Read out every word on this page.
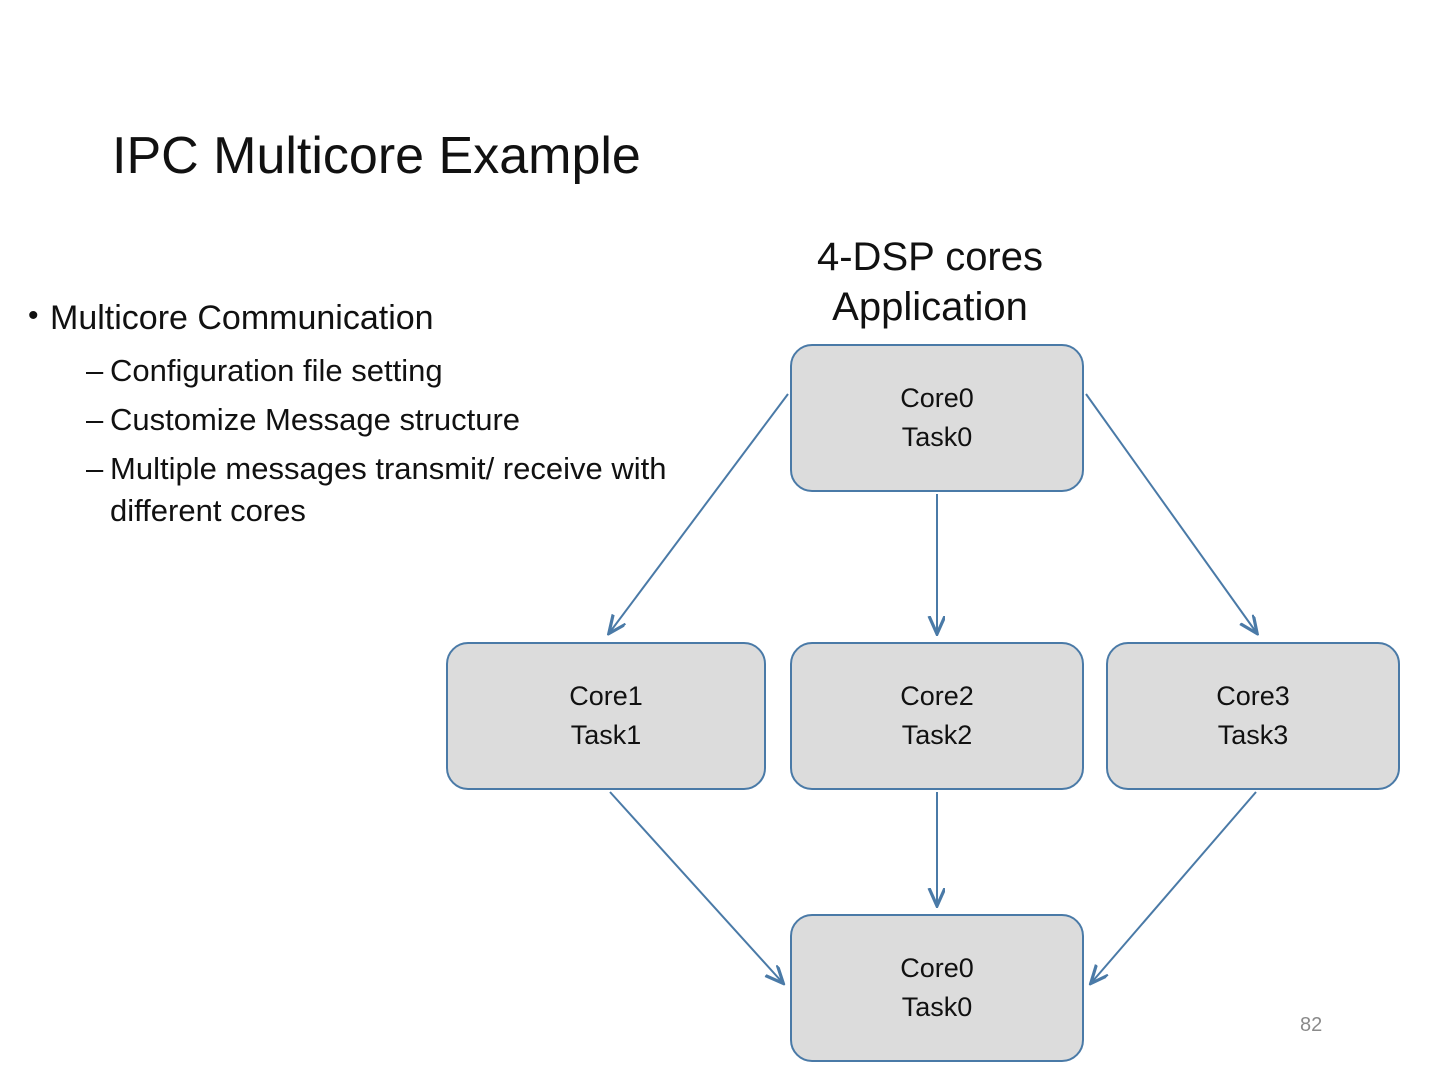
IPC Multicore Example
• Multicore Communication
– Configuration file setting
– Customize Message structure
– Multiple messages transmit/ receive with different cores
4-DSP cores
Application
Core0
Task0
Core1
Task1
Core2
Task2
Core3
Task3
Core0
Task0
82
